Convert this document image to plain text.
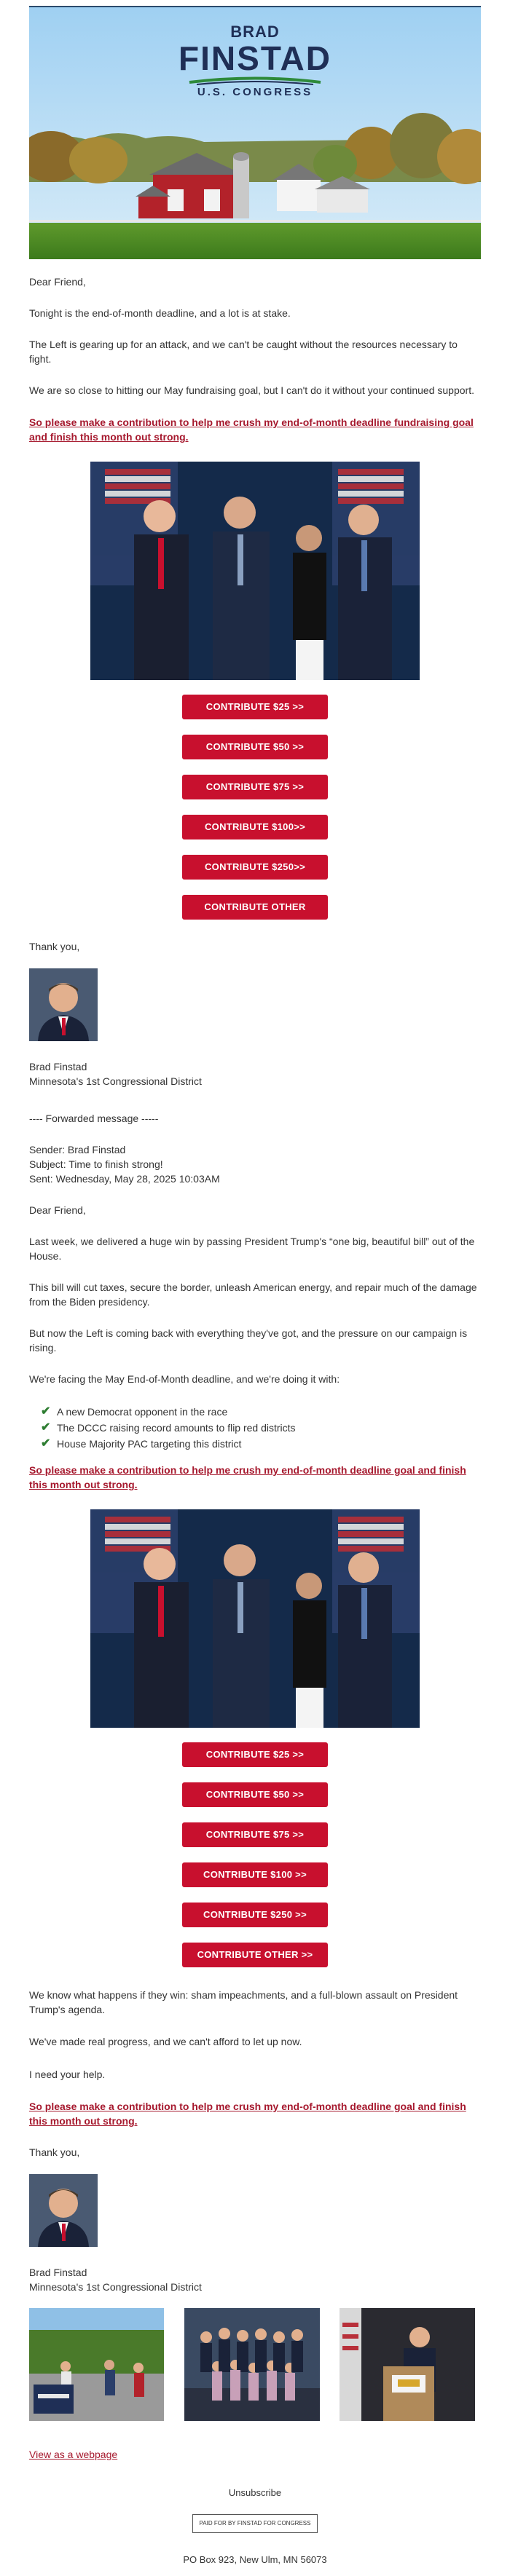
BRAD
FINSTAD
U.S. CONGRESS

Dear Friend,

Tonight is the end-of-month deadline, and a lot is at stake.

The Left is gearing up for an attack, and we can't be caught without the resources necessary to fight.

We are so close to hitting our May fundraising goal, but I can't do it without your continued support.

So please make a contribution to help me crush my end-of-month deadline fundraising goal and finish this month out strong.
CONTRIBUTE $25 >>
CONTRIBUTE $50 >>
CONTRIBUTE $75 >>
CONTRIBUTE $100>>
CONTRIBUTE $250>>
CONTRIBUTE OTHER

Thank you,

Brad Finstad

Minnesota's 1st Congressional District

---- Forwarded message -----

Sender: Brad Finstad

Subject: Time to finish strong!

Sent: Wednesday, May 28, 2025 10:03AM

Dear Friend,

Last week, we delivered a huge win by passing President Trump's “one big, beautiful bill” out of the House.

This bill will cut taxes, secure the border, unleash American energy, and repair much of the damage from the Biden presidency.

But now the Left is coming back with everything they've got, and the pressure on our campaign is rising.

We're facing the May End-of-Month deadline, and we're doing it with:

✔ A new Democrat opponent in the race
✔ The DCCC raising record amounts to flip red districts
✔ House Majority PAC targeting this district
So please make a contribution to help me crush my end-of-month deadline goal and finish this month out strong.
CONTRIBUTE $25 >>
CONTRIBUTE $50 >>
CONTRIBUTE $75 >>
CONTRIBUTE $100 >>
CONTRIBUTE $250 >>
CONTRIBUTE OTHER >>

We know what happens if they win: sham impeachments, and a full-blown assault on President Trump's agenda.

We've made real progress, and we can't afford to let up now.

I need your help.

So please make a contribution to help me crush my end-of-month deadline goal and finish this month out strong.

Thank you,

Brad Finstad

Minnesota's 1st Congressional District

View as a webpage
Unsubscribe
PAID FOR BY FINSTAD FOR CONGRESS
PO Box 923, New Ulm, MN 56073
